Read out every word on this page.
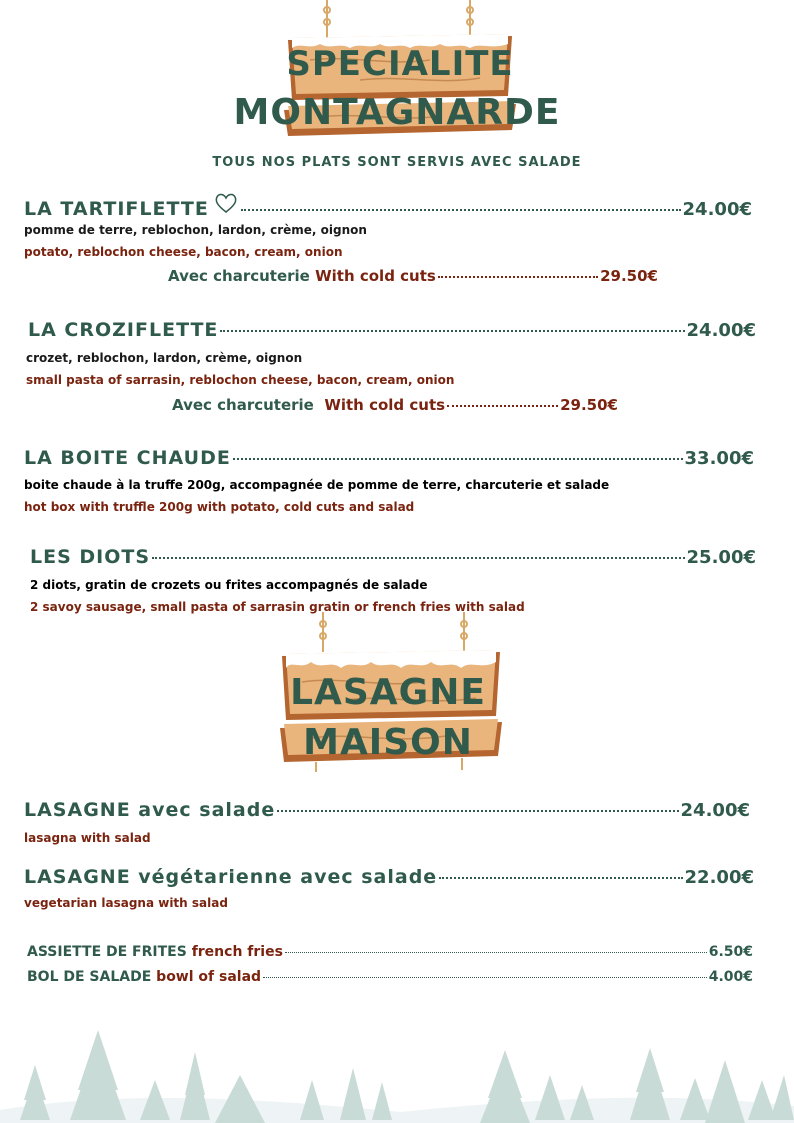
SPECIALITE
MONTAGNARDE
TOUS NOS PLATS SONT SERVIS AVEC SALADE
LA TARTIFLETTE	24.00€
pomme de terre, reblochon, lardon, crème, oignon
potato, reblochon cheese, bacon, cream, onion
Avec charcuterie
With cold cuts	29.50€
LA CROZIFLETTE	24.00€
crozet, reblochon, lardon, crème, oignon
small pasta of sarrasin, reblochon cheese, bacon, cream, onion
Avec charcuterie
With cold cuts	29.50€
LA BOITE CHAUDE	33.00€
boite chaude à la truffe 200g, accompagnée de pomme de terre, charcuterie et salade
hot box with truffle 200g with potato, cold cuts and salad
LES DIOTS	25.00€
2 diots, gratin de crozets ou frites accompagnés de salade
2 savoy sausage, small pasta of sarrasin gratin or french fries with salad
LASAGNE
MAISON
LASAGNE avec salade	24.00€
lasagna with salad
LASAGNE végétarienne avec salade	22.00€
vegetarian lasagna with salad
ASSIETTE DE FRITES
french fries	6.50€
BOL DE SALADE
bowl of salad	4.00€
